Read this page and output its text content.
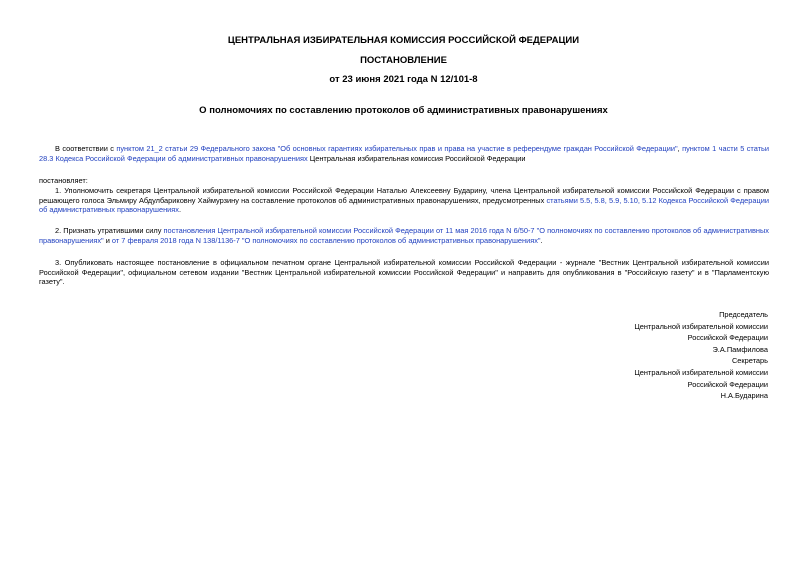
ЦЕНТРАЛЬНАЯ ИЗБИРАТЕЛЬНАЯ КОМИССИЯ РОССИЙСКОЙ ФЕДЕРАЦИИ
ПОСТАНОВЛЕНИЕ
от 23 июня 2021 года N 12/101-8
О полномочиях по составлению протоколов об административных правонарушениях
В соответствии с пунктом 21_2 статьи 29 Федерального закона "Об основных гарантиях избирательных прав и права на участие в референдуме граждан Российской Федерации", пунктом 1 части 5 статьи 28.3 Кодекса Российской Федерации об административных правонарушениях Центральная избирательная комиссия Российской Федерации
постановляет:
1. Уполномочить секретаря Центральной избирательной комиссии Российской Федерации Наталью Алексеевну Бударину, члена Центральной избирательной комиссии Российской Федерации с правом решающего голоса Эльмиру Абдулбариковну Хаймурзину на составление протоколов об административных правонарушениях, предусмотренных статьями 5.5, 5.8, 5.9, 5.10, 5.12 Кодекса Российской Федерации об административных правонарушениях.
2. Признать утратившими силу постановления Центральной избирательной комиссии Российской Федерации от 11 мая 2016 года N 6/50-7 "О полномочиях по составлению протоколов об административных правонарушениях" и от 7 февраля 2018 года N 138/1136-7 "О полномочиях по составлению протоколов об административных правонарушениях".
3. Опубликовать настоящее постановление в официальном печатном органе Центральной избирательной комиссии Российской Федерации - журнале "Вестник Центральной избирательной комиссии Российской Федерации", официальном сетевом издании "Вестник Центральной избирательной комиссии Российской Федерации" и направить для опубликования в "Российскую газету" и в "Парламентскую газету".
Председатель
Центральной избирательной комиссии
Российской Федерации
Э.А.Памфилова
Секретарь
Центральной избирательной комиссии
Российской Федерации
Н.А.Бударина
